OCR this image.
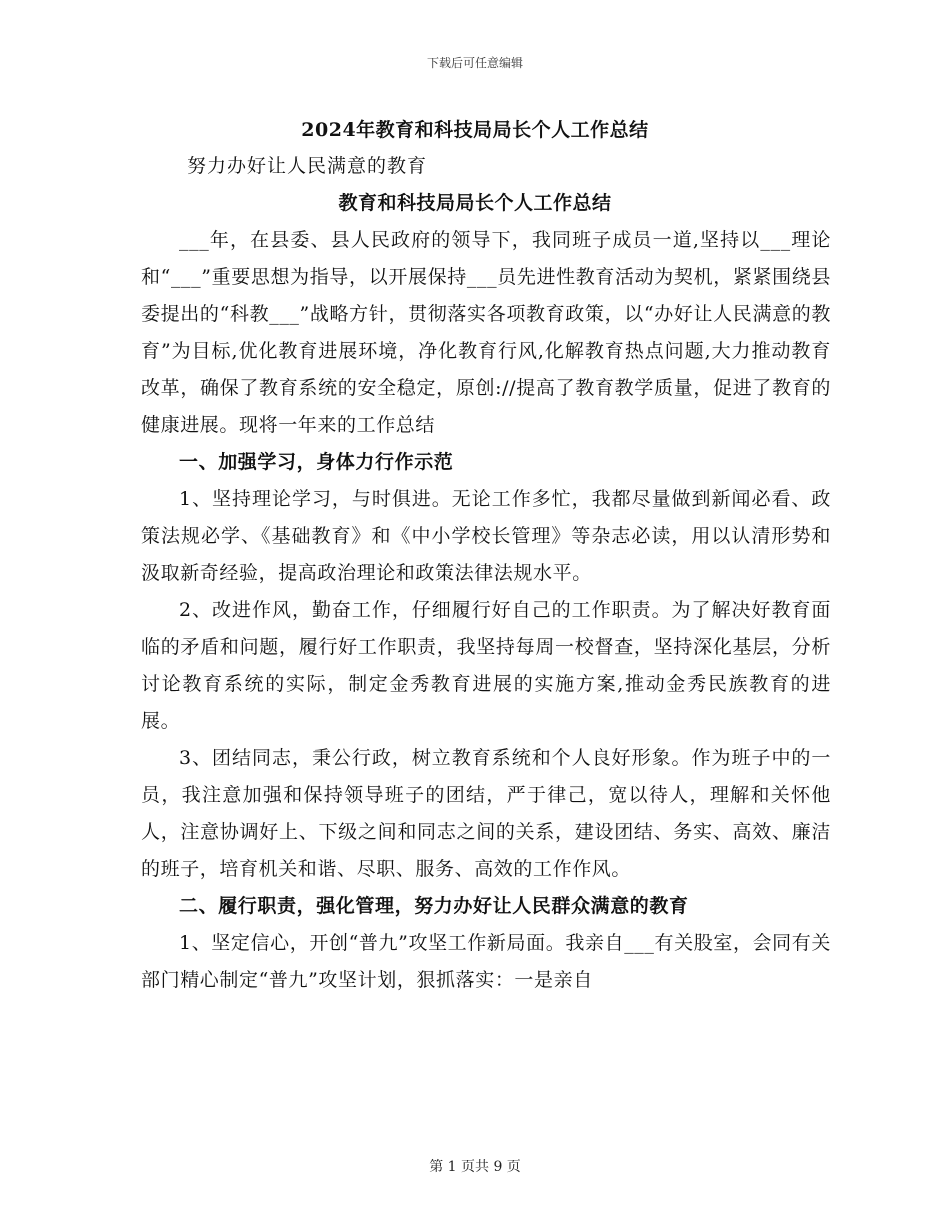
下载后可任意编辑
2024年教育和科技局局长个人工作总结
努力办好让人民满意的教育
教育和科技局局长个人工作总结

___年，在县委、县人民政府的领导下，我同班子成员一道,坚持以___理论和“___”重要思想为指导，以开展保持___员先进性教育活动为契机，紧紧围绕县委提出的“科教___”战略方针，贯彻落实各项教育政策，以“办好让人民满意的教育”为目标,优化教育进展环境，净化教育行风,化解教育热点问题,大力推动教育改革，确保了教育系统的安全稳定，原创://提高了教育教学质量，促进了教育的健康进展。现将一年来的工作总结

一、加强学习，身体力行作示范

1、坚持理论学习，与时俱进。无论工作多忙，我都尽量做到新闻必看、政策法规必学、《基础教育》和《中小学校长管理》等杂志必读，用以认清形势和汲取新奇经验，提高政治理论和政策法律法规水平。

2、改进作风，勤奋工作，仔细履行好自己的工作职责。为了解决好教育面临的矛盾和问题，履行好工作职责，我坚持每周一校督查，坚持深化基层，分析讨论教育系统的实际，制定金秀教育进展的实施方案,推动金秀民族教育的进展。

3、团结同志，秉公行政，树立教育系统和个人良好形象。作为班子中的一员，我注意加强和保持领导班子的团结，严于律己，宽以待人，理解和关怀他人，注意协调好上、下级之间和同志之间的关系，建设团结、务实、高效、廉洁的班子，培育机关和谐、尽职、服务、高效的工作作风。

二、履行职责，强化管理，努力办好让人民群众满意的教育

1、坚定信心，开创“普九”攻坚工作新局面。我亲自___有关股室，会同有关部门精心制定“普九”攻坚计划，狠抓落实：一是亲自

第 1 页共 9 页
